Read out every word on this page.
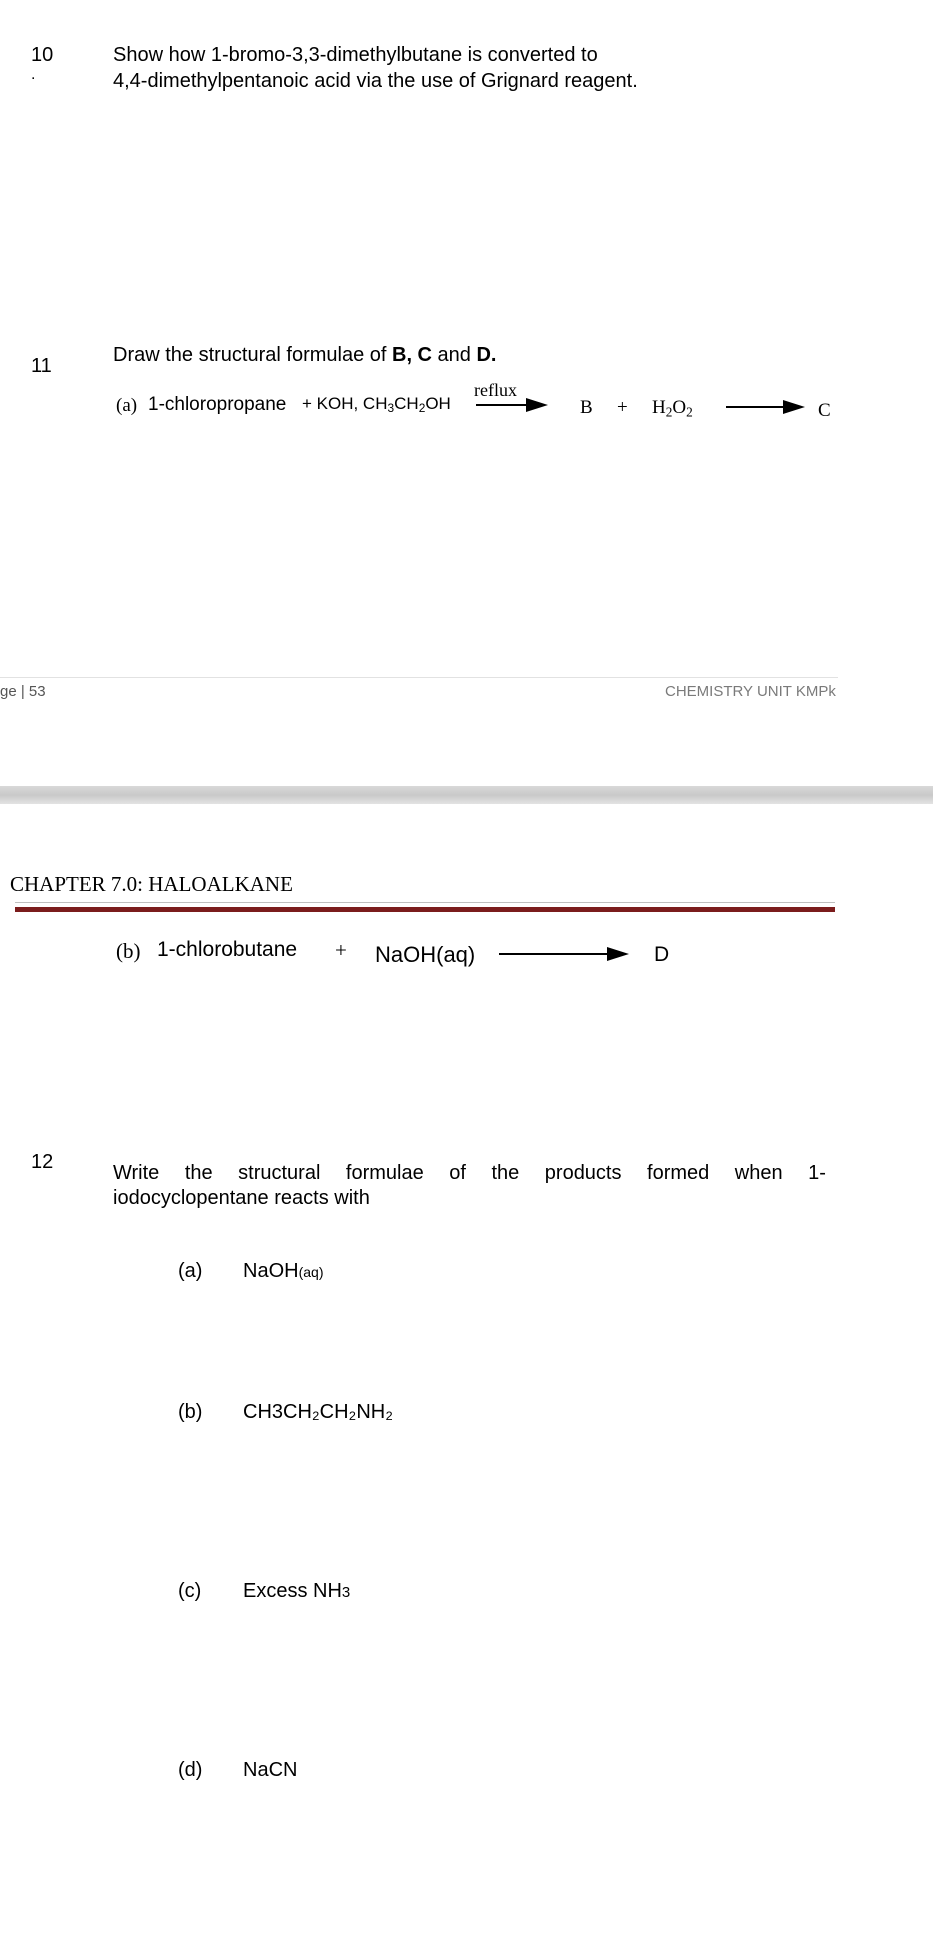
10
.
Show how 1-bromo-3,3-dimethylbutane is converted to
4,4-dimethylpentanoic acid via the use of Grignard reagent.
11	Draw the structural formulae of B, C and D.
(a) 1-chloropropane + KOH, $CH_3CH_2OH$
reflux
$B + H_2O_2$	C
ge | 53	CHEMISTRY UNIT KMPk
CHAPTER 7.0: HALOALKANE
(b) 1-chlorobutane + NaOH(aq)	D
12	Write the structural formulae of the products formed when 1-
iodocyclopentane reacts with
(a) NaOH(aq)
(b) CH3CH₂CH₂NH₂
(c) Excess NH3
(d) NaCN
